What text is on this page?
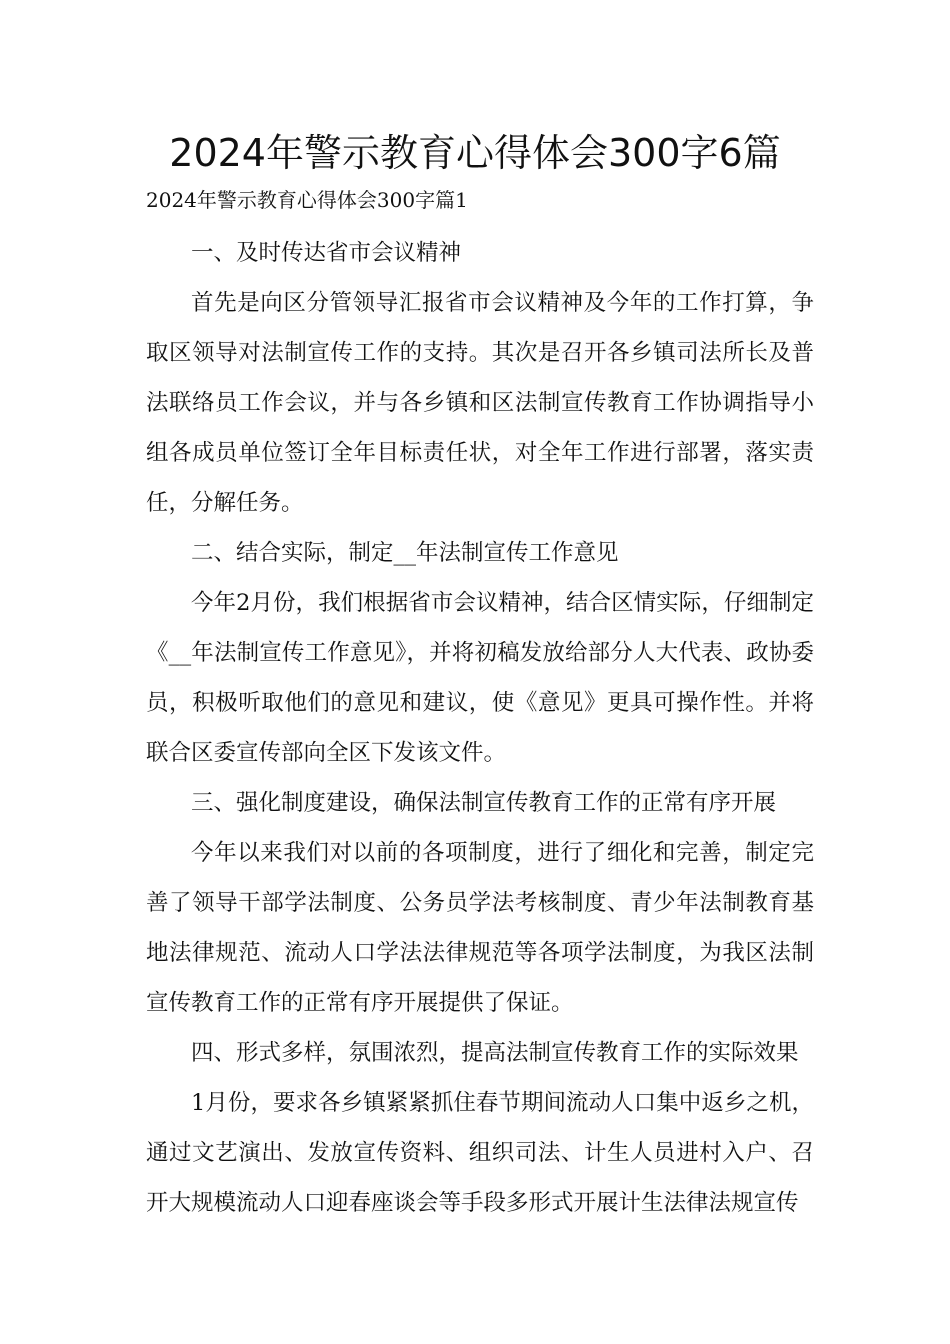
2024年警示教育心得体会300字6篇
2024年警示教育心得体会300字篇1

一、及时传达省市会议精神

首先是向区分管领导汇报省市会议精神及今年的工作打算，争取区领导对法制宣传工作的支持。其次是召开各乡镇司法所长及普法联络员工作会议，并与各乡镇和区法制宣传教育工作协调指导小组各成员单位签订全年目标责任状，对全年工作进行部署，落实责任，分解任务。

二、结合实际，制定__年法制宣传工作意见

今年2月份，我们根据省市会议精神，结合区情实际，仔细制定《__年法制宣传工作意见》，并将初稿发放给部分人大代表、政协委员，积极听取他们的意见和建议，使《意见》更具可操作性。并将联合区委宣传部向全区下发该文件。

三、强化制度建设，确保法制宣传教育工作的正常有序开展

今年以来我们对以前的各项制度，进行了细化和完善，制定完善了领导干部学法制度、公务员学法考核制度、青少年法制教育基地法律规范、流动人口学法法律规范等各项学法制度，为我区法制宣传教育工作的正常有序开展提供了保证。

四、形式多样，氛围浓烈，提高法制宣传教育工作的实际效果

1月份，要求各乡镇紧紧抓住春节期间流动人口集中返乡之机，通过文艺演出、发放宣传资料、组织司法、计生人员进村入户、召开大规模流动人口迎春座谈会等手段多形式开展计生法律法规宣传
